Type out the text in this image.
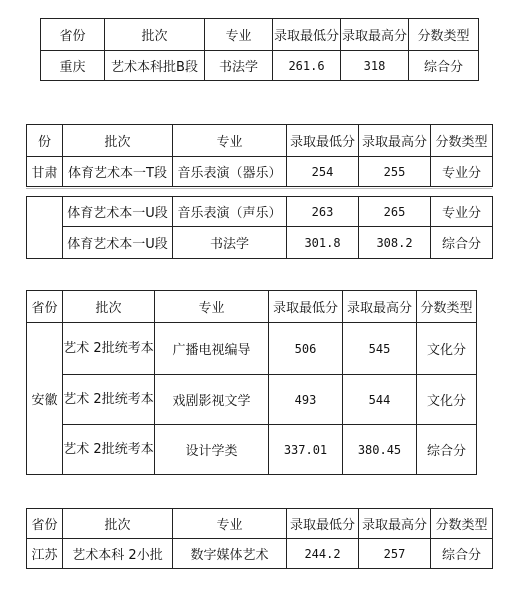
省份	批次	专业	录取最低分	录取最高分	分数类型
重庆	艺术本科批B段	书法学	261.6	318	综合分
份	批次	专业	录取最低分	录取最高分	分数类型
甘肃	体育艺术本一T段	音乐表演（器乐）	254	255	专业分
	体育艺术本一U段	音乐表演（声乐）	263	265	专业分
	体育艺术本一U段	书法学	301.8	308.2	综合分
省份	批次	专业	录取最低分	录取最高分	分数类型
安徽	艺术 2批统考本	广播电视编导	506	545	文化分
	艺术 2批统考本	戏剧影视文学	493	544	文化分
	艺术 2批统考本	设计学类	337.01	380.45	综合分
省份	批次	专业	录取最低分	录取最高分	分数类型
江苏	艺术本科 2小批	数字媒体艺术	244.2	257	综合分
